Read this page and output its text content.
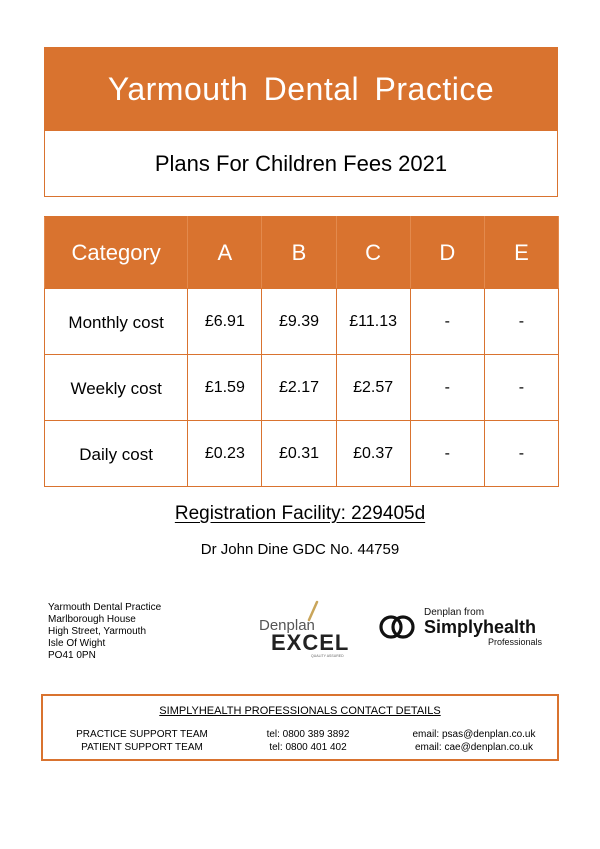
Yarmouth Dental Practice
Plans For Children Fees 2021
Category	A	B	C	D	E
Monthly cost	£6.91	£9.39	£11.13	-	-
Weekly cost	£1.59	£2.17	£2.57	-	-
Daily cost	£0.23	£0.31	£0.37	-	-
Registration Facility: 229405d
Dr John Dine GDC No. 44759
Yarmouth Dental Practice
Marlborough House
High Street, Yarmouth
Isle Of Wight
PO41 0PN
Denplan
EXCEL
QUALITY ASSURED
Denplan from
Simplyhealth
Professionals
SIMPLYHEALTH PROFESSIONALS CONTACT DETAILS
PRACTICE SUPPORT TEAM	tel: 0800 389 3892	email: psas@denplan.co.uk
PATIENT SUPPORT TEAM	tel: 0800 401 402	email: cae@denplan.co.uk
